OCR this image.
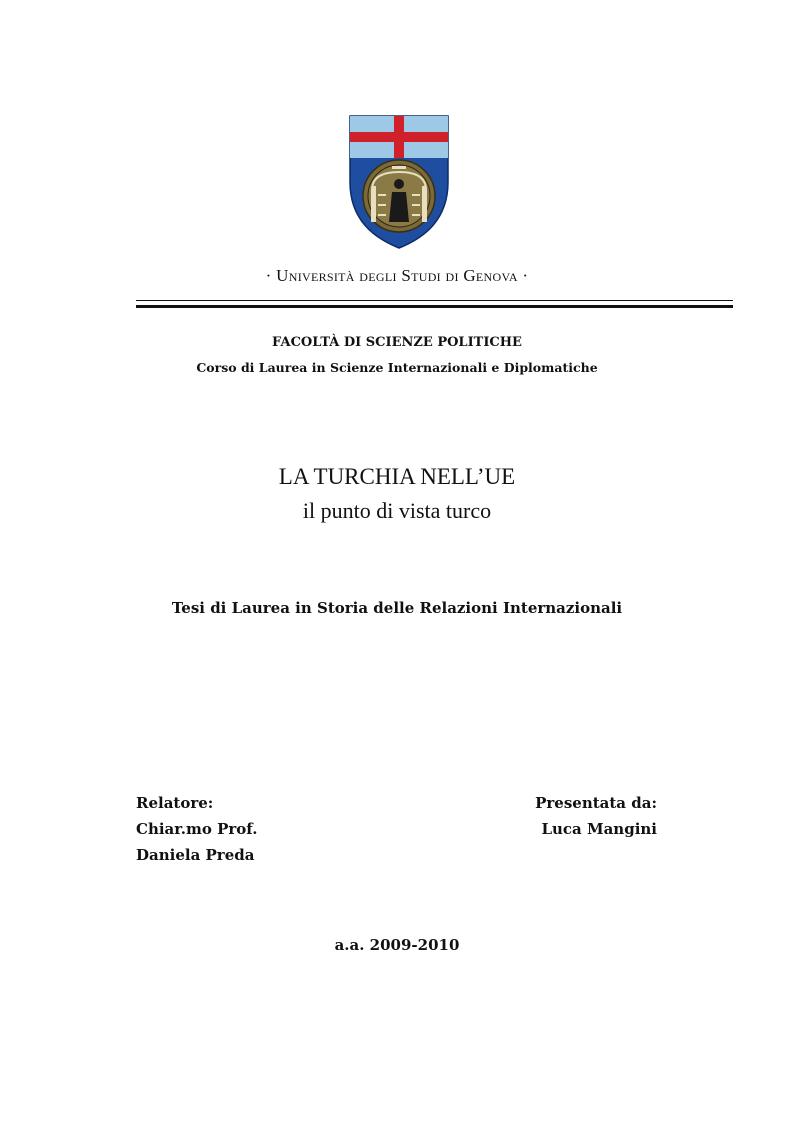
· Università degli Studi di Genova ·
FACOLTÀ DI SCIENZE POLITICHE
Corso di Laurea in Scienze Internazionali e Diplomatiche
LA TURCHIA NELL’UE
il punto di vista turco
Tesi di Laurea in Storia delle Relazioni Internazionali
Relatore:
Chiar.mo Prof.
Daniela Preda
Presentata da:
Luca Mangini
a.a. 2009-2010
